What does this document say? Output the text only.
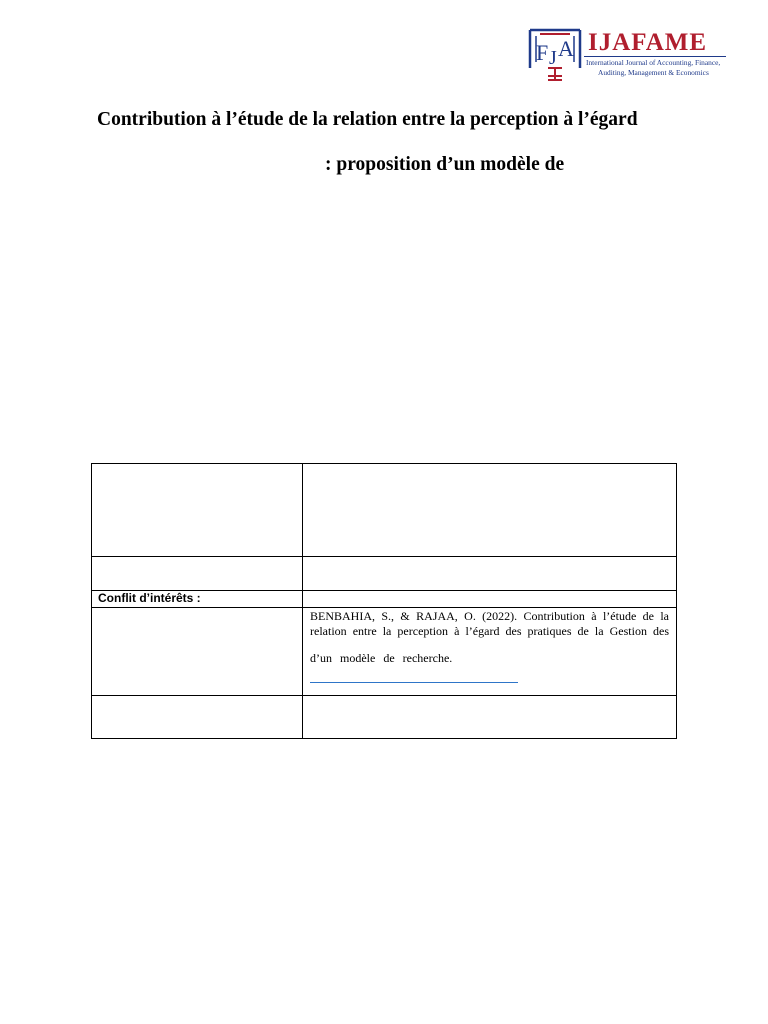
F J A IJAFAME
International Journal of Accounting, Finance,
Auditing, Management & Economics
Contribution à l’étude de la relation entre la perception à l’égard
: proposition d’un modèle de

Conflit d’intérêts :	

	BENBAHIA, S., & RAJAA, O. (2022). Contribution à l’étude de la
relation entre la perception à l’égard des pratiques de la Gestion des
d’un modèle de recherche.
